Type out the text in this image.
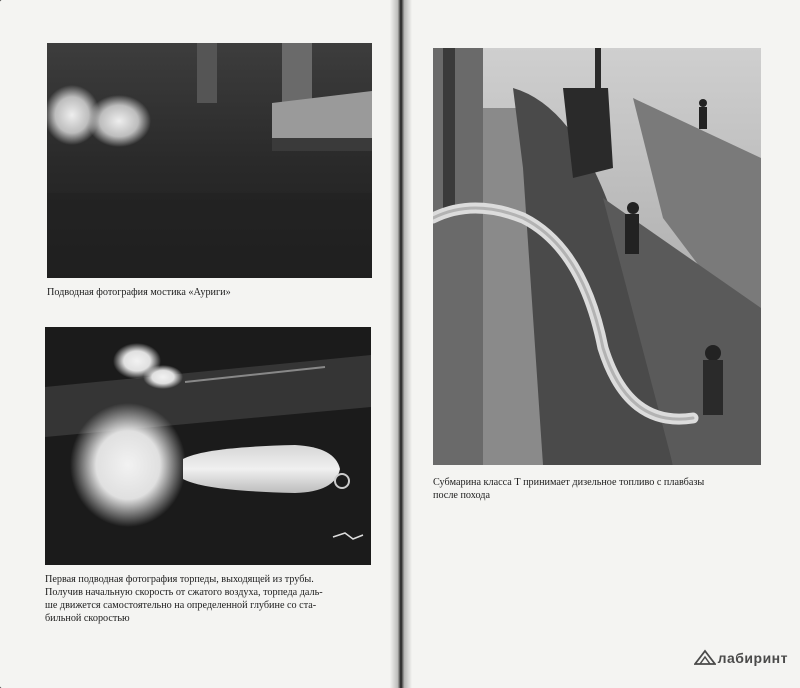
Подводная фотография мостика «Ауриги»

Первая подводная фотография торпеды, выходящей из трубы.
Получив начальную скорость от сжатого воздуха, торпеда даль-
ше движется самостоятельно на определенной глубине со ста-
бильной скоростью
Субмарина класса Т принимает дизельное топливо с плавбазы
после похода
лабиринт
